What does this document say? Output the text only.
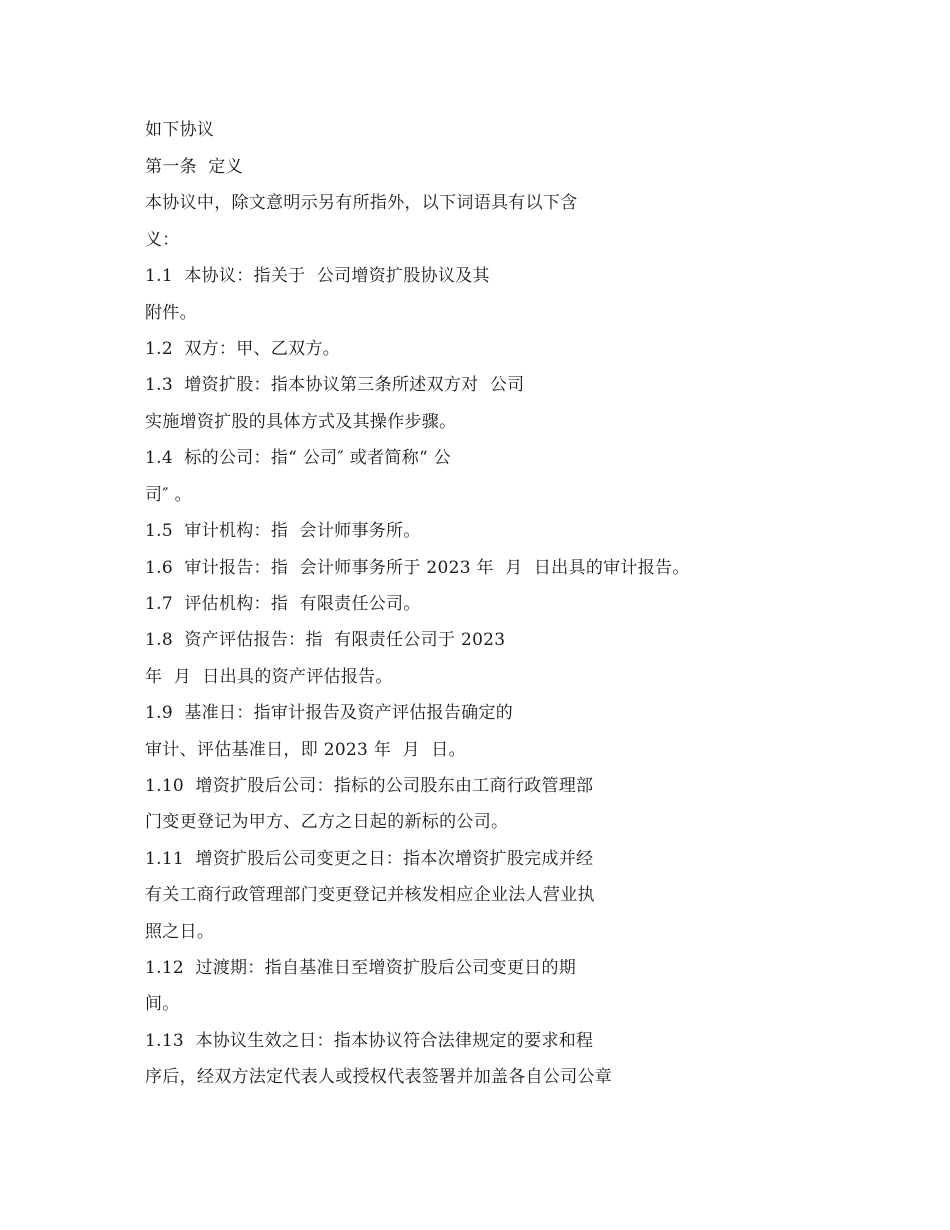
如下协议

第一条  定义

本协议中，除文意明示另有所指外，以下词语具有以下含

义：

1.1  本协议：指关于  公司增资扩股协议及其

附件。

1.2  双方：甲、乙双方。

1.3  增资扩股：指本协议第三条所述双方对  公司

实施增资扩股的具体方式及其操作步骤。

1.4  标的公司：指“ 公司″ 或者简称“ 公

司″ 。

1.5  审计机构：指  会计师事务所。

1.6  审计报告：指  会计师事务所于 2023 年  月  日出具的审计报告。

1.7  评估机构：指  有限责任公司。

1.8  资产评估报告：指  有限责任公司于 2023

年  月  日出具的资产评估报告。

1.9  基准日：指审计报告及资产评估报告确定的

审计、评估基准日，即 2023 年  月  日。

1.10  增资扩股后公司：指标的公司股东由工商行政管理部

门变更登记为甲方、乙方之日起的新标的公司。

1.11  增资扩股后公司变更之日：指本次增资扩股完成并经

有关工商行政管理部门变更登记并核发相应企业法人营业执

照之日。

1.12  过渡期：指自基准日至增资扩股后公司变更日的期

间。

1.13  本协议生效之日：指本协议符合法律规定的要求和程

序后，经双方法定代表人或授权代表签署并加盖各自公司公章
